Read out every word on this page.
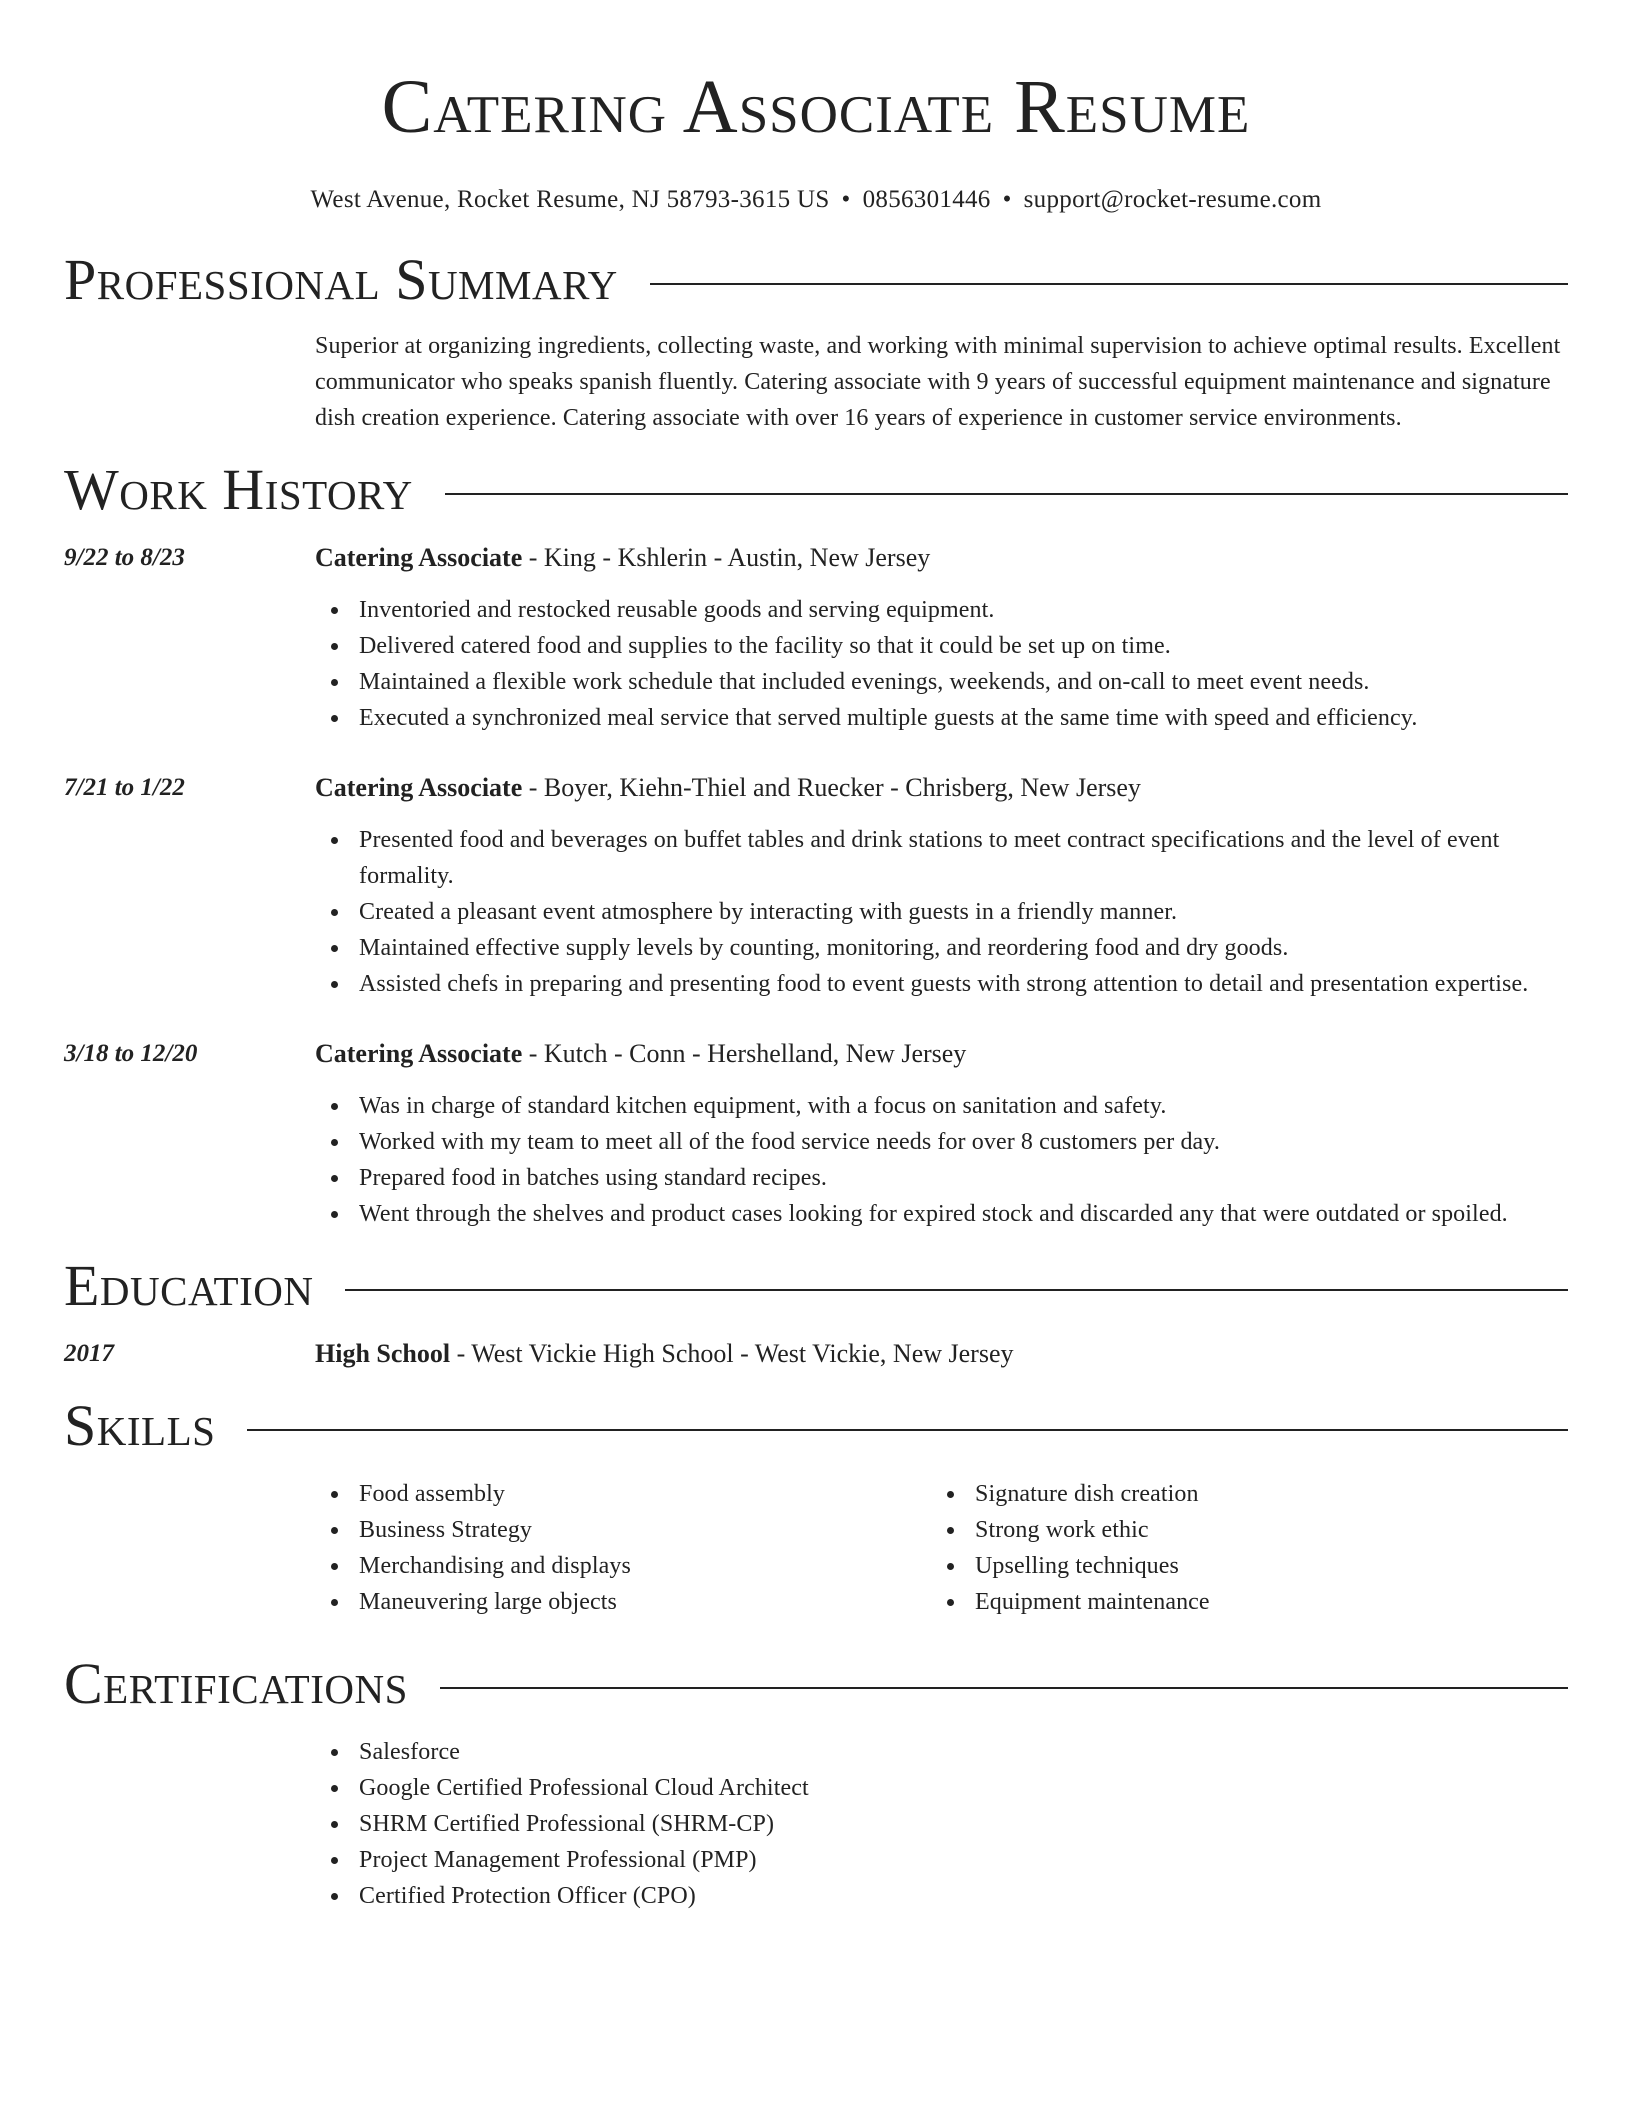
Catering Associate Resume
West Avenue, Rocket Resume, NJ 58793-3615 US • 0856301446 • support@rocket-resume.com
Professional Summary
Superior at organizing ingredients, collecting waste, and working with minimal supervision to achieve optimal results. Excellent communicator who speaks spanish fluently. Catering associate with 9 years of successful equipment maintenance and signature dish creation experience. Catering associate with over 16 years of experience in customer service environments.
Work History
9/22 to 8/23	Catering Associate - King - Kshlerin - Austin, New Jersey
Inventoried and restocked reusable goods and serving equipment.
Delivered catered food and supplies to the facility so that it could be set up on time.
Maintained a flexible work schedule that included evenings, weekends, and on-call to meet event needs.
Executed a synchronized meal service that served multiple guests at the same time with speed and efficiency.
7/21 to 1/22	Catering Associate - Boyer, Kiehn-Thiel and Ruecker - Chrisberg, New Jersey
Presented food and beverages on buffet tables and drink stations to meet contract specifications and the level of event formality.
Created a pleasant event atmosphere by interacting with guests in a friendly manner.
Maintained effective supply levels by counting, monitoring, and reordering food and dry goods.
Assisted chefs in preparing and presenting food to event guests with strong attention to detail and presentation expertise.
3/18 to 12/20	Catering Associate - Kutch - Conn - Hershelland, New Jersey
Was in charge of standard kitchen equipment, with a focus on sanitation and safety.
Worked with my team to meet all of the food service needs for over 8 customers per day.
Prepared food in batches using standard recipes.
Went through the shelves and product cases looking for expired stock and discarded any that were outdated or spoiled.
Education
2017	High School - West Vickie High School - West Vickie, New Jersey
Skills
Food assembly
Business Strategy
Merchandising and displays
Maneuvering large objects
Signature dish creation
Strong work ethic
Upselling techniques
Equipment maintenance
Certifications
Salesforce
Google Certified Professional Cloud Architect
SHRM Certified Professional (SHRM-CP)
Project Management Professional (PMP)
Certified Protection Officer (CPO)
